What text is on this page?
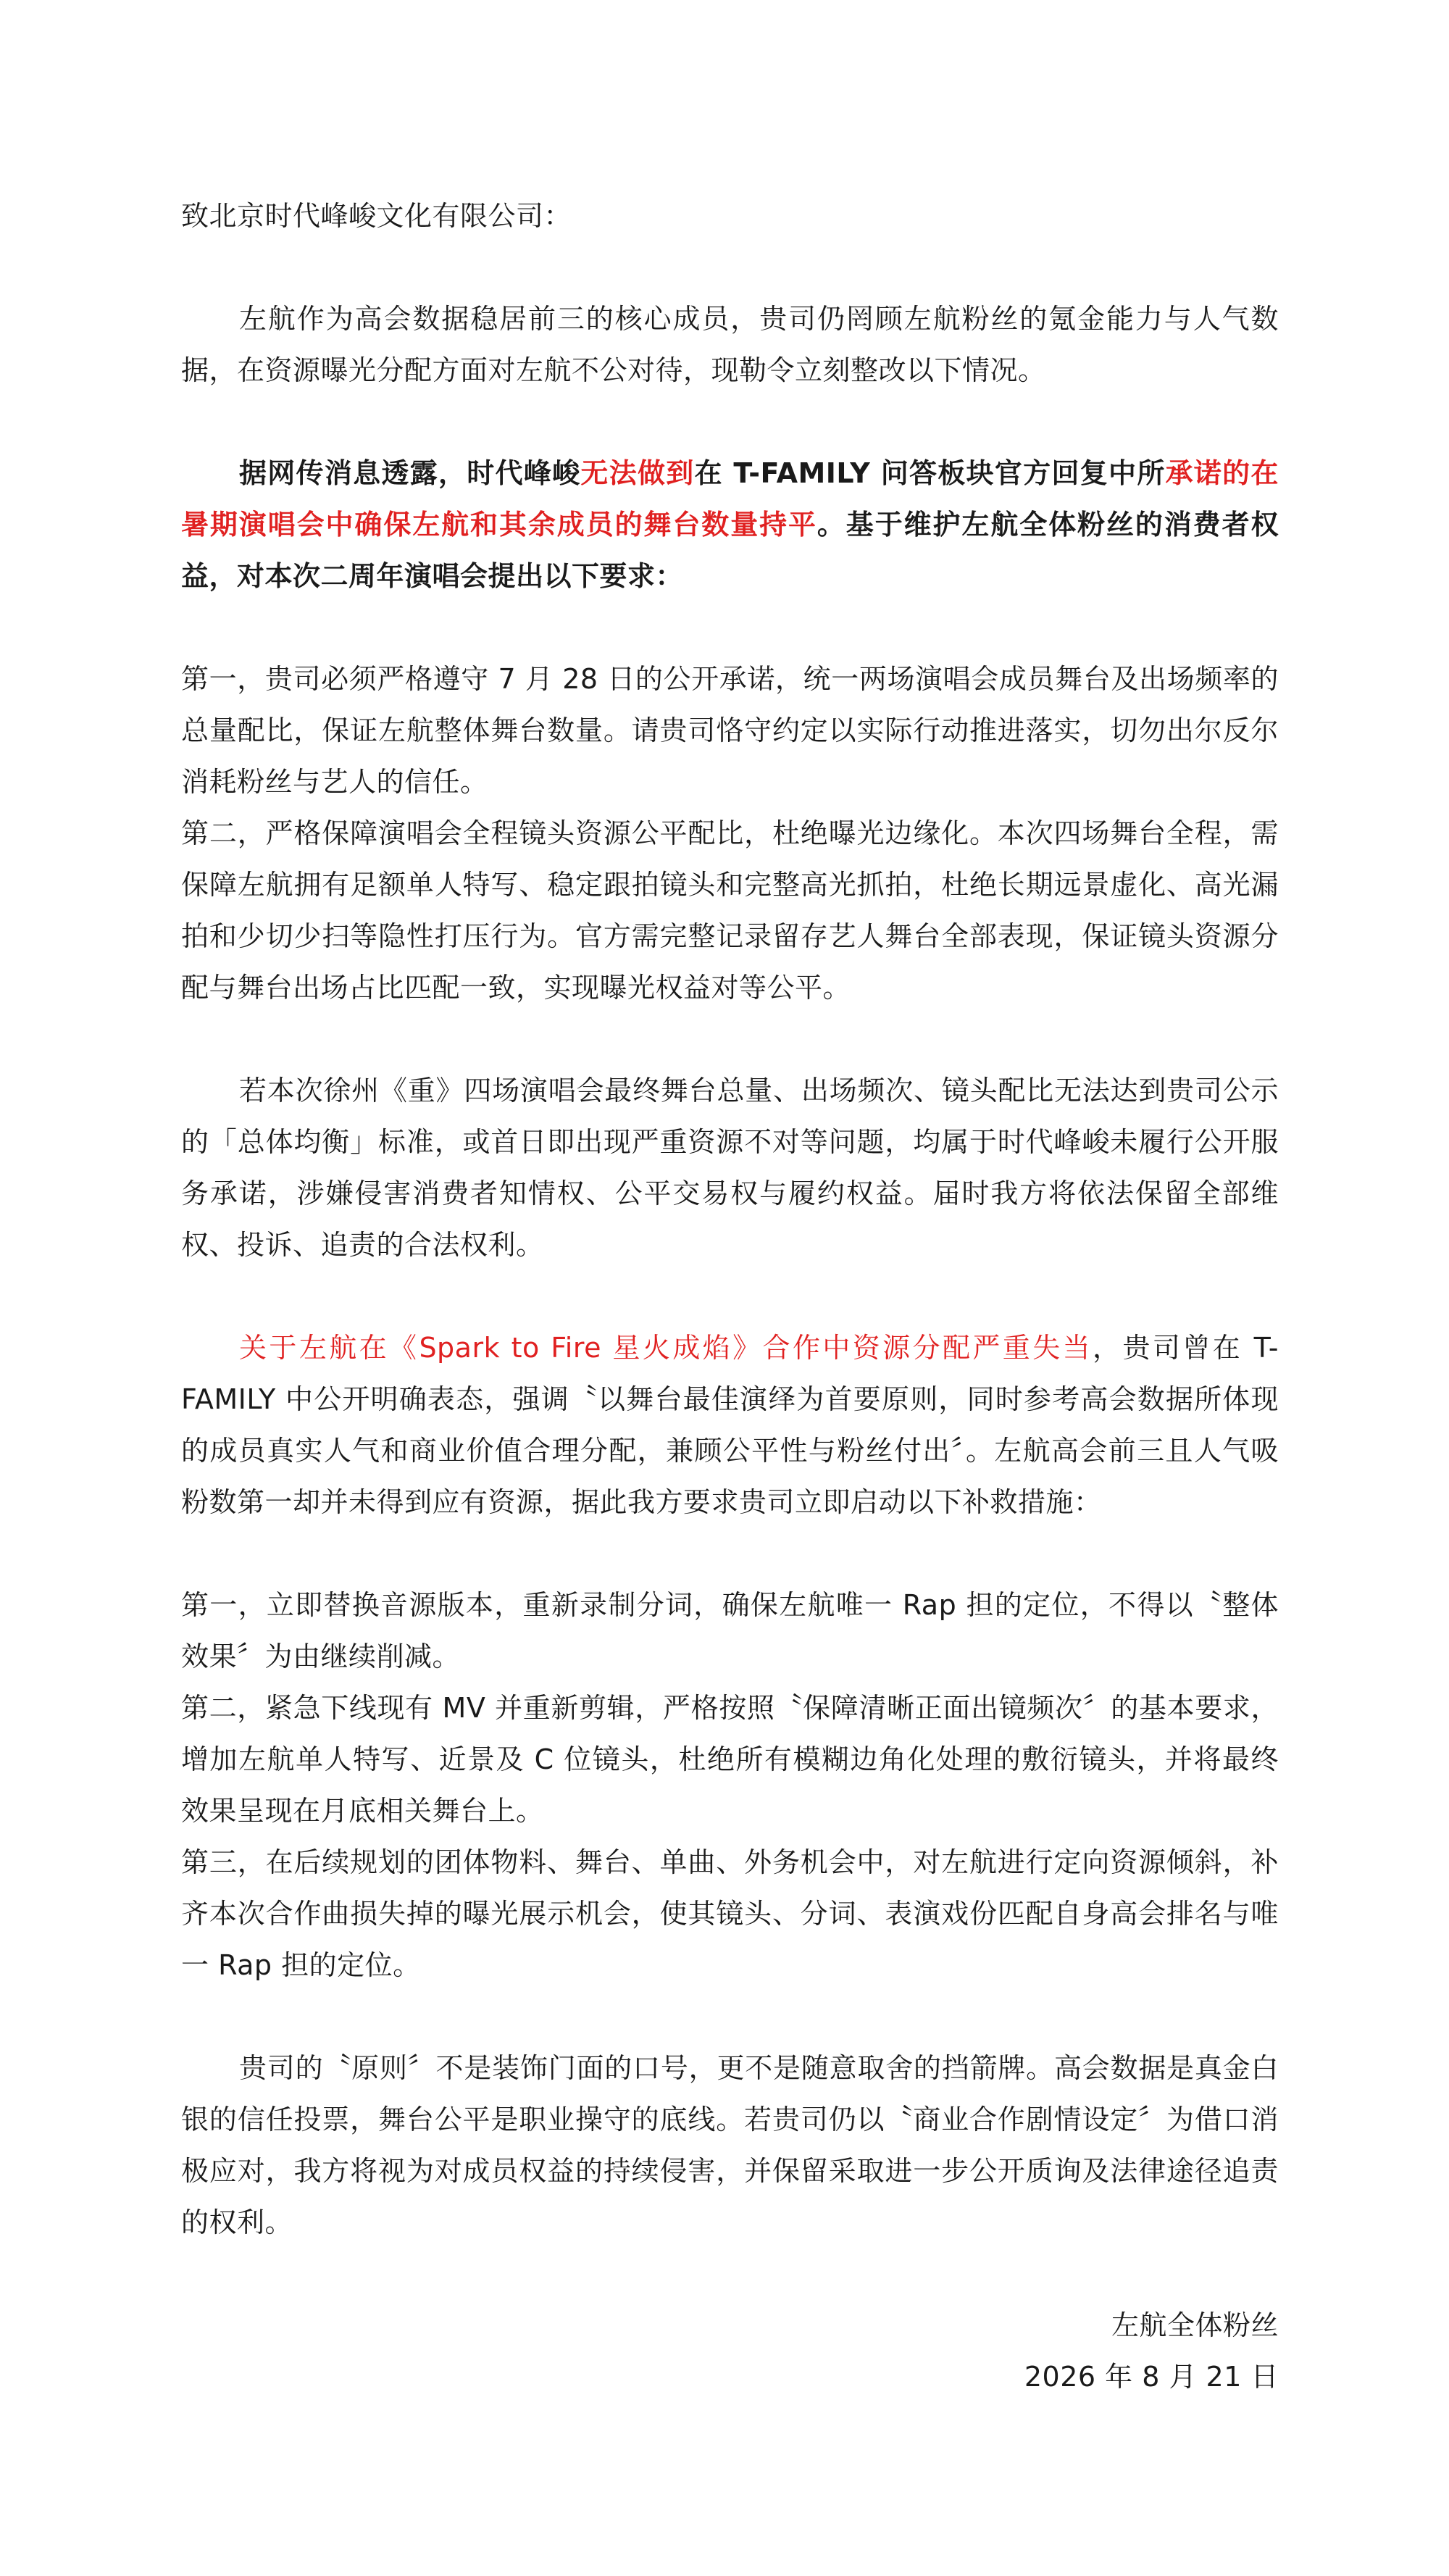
致北京时代峰峻文化有限公司：

左航作为高会数据稳居前三的核心成员，贵司仍罔顾左航粉丝的氪金能力与人气数据，在资源曝光分配方面对左航不公对待，现勒令立刻整改以下情况。

据网传消息透露，时代峰峻无法做到在 T-FAMILY 问答板块官方回复中所承诺的在暑期演唱会中确保左航和其余成员的舞台数量持平。基于维护左航全体粉丝的消费者权益，对本次二周年演唱会提出以下要求：

第一，贵司必须严格遵守 7 月 28 日的公开承诺，统一两场演唱会成员舞台及出场频率的总量配比，保证左航整体舞台数量。请贵司恪守约定以实际行动推进落实，切勿出尔反尔消耗粉丝与艺人的信任。

第二，严格保障演唱会全程镜头资源公平配比，杜绝曝光边缘化。本次四场舞台全程，需保障左航拥有足额单人特写、稳定跟拍镜头和完整高光抓拍，杜绝长期远景虚化、高光漏拍和少切少扫等隐性打压行为。官方需完整记录留存艺人舞台全部表现，保证镜头资源分配与舞台出场占比匹配一致，实现曝光权益对等公平。

若本次徐州《重》四场演唱会最终舞台总量、出场频次、镜头配比无法达到贵司公示的「总体均衡」标准，或首日即出现严重资源不对等问题，均属于时代峰峻未履行公开服务承诺，涉嫌侵害消费者知情权、公平交易权与履约权益。届时我方将依法保留全部维权、投诉、追责的合法权利。

关于左航在《Spark to Fire 星火成焰》合作中资源分配严重失当，贵司曾在 T-FAMILY 中公开明确表态，强调〝以舞台最佳演绎为首要原则，同时参考高会数据所体现的成员真实人气和商业价值合理分配，兼顾公平性与粉丝付出〞。左航高会前三且人气吸粉数第一却并未得到应有资源，据此我方要求贵司立即启动以下补救措施：

第一，立即替换音源版本，重新录制分词，确保左航唯一 Rap 担的定位，不得以〝整体效果〞为由继续削减。

第二，紧急下线现有 MV 并重新剪辑，严格按照〝保障清晰正面出镜频次〞的基本要求，增加左航单人特写、近景及 C 位镜头，杜绝所有模糊边角化处理的敷衍镜头，并将最终效果呈现在月底相关舞台上。

第三，在后续规划的团体物料、舞台、单曲、外务机会中，对左航进行定向资源倾斜，补齐本次合作曲损失掉的曝光展示机会，使其镜头、分词、表演戏份匹配自身高会排名与唯一 Rap 担的定位。

贵司的〝原则〞不是装饰门面的口号，更不是随意取舍的挡箭牌。高会数据是真金白银的信任投票，舞台公平是职业操守的底线。若贵司仍以〝商业合作剧情设定〞为借口消极应对，我方将视为对成员权益的持续侵害，并保留采取进一步公开质询及法律途径追责的权利。

左航全体粉丝

2026 年 8 月 21 日
